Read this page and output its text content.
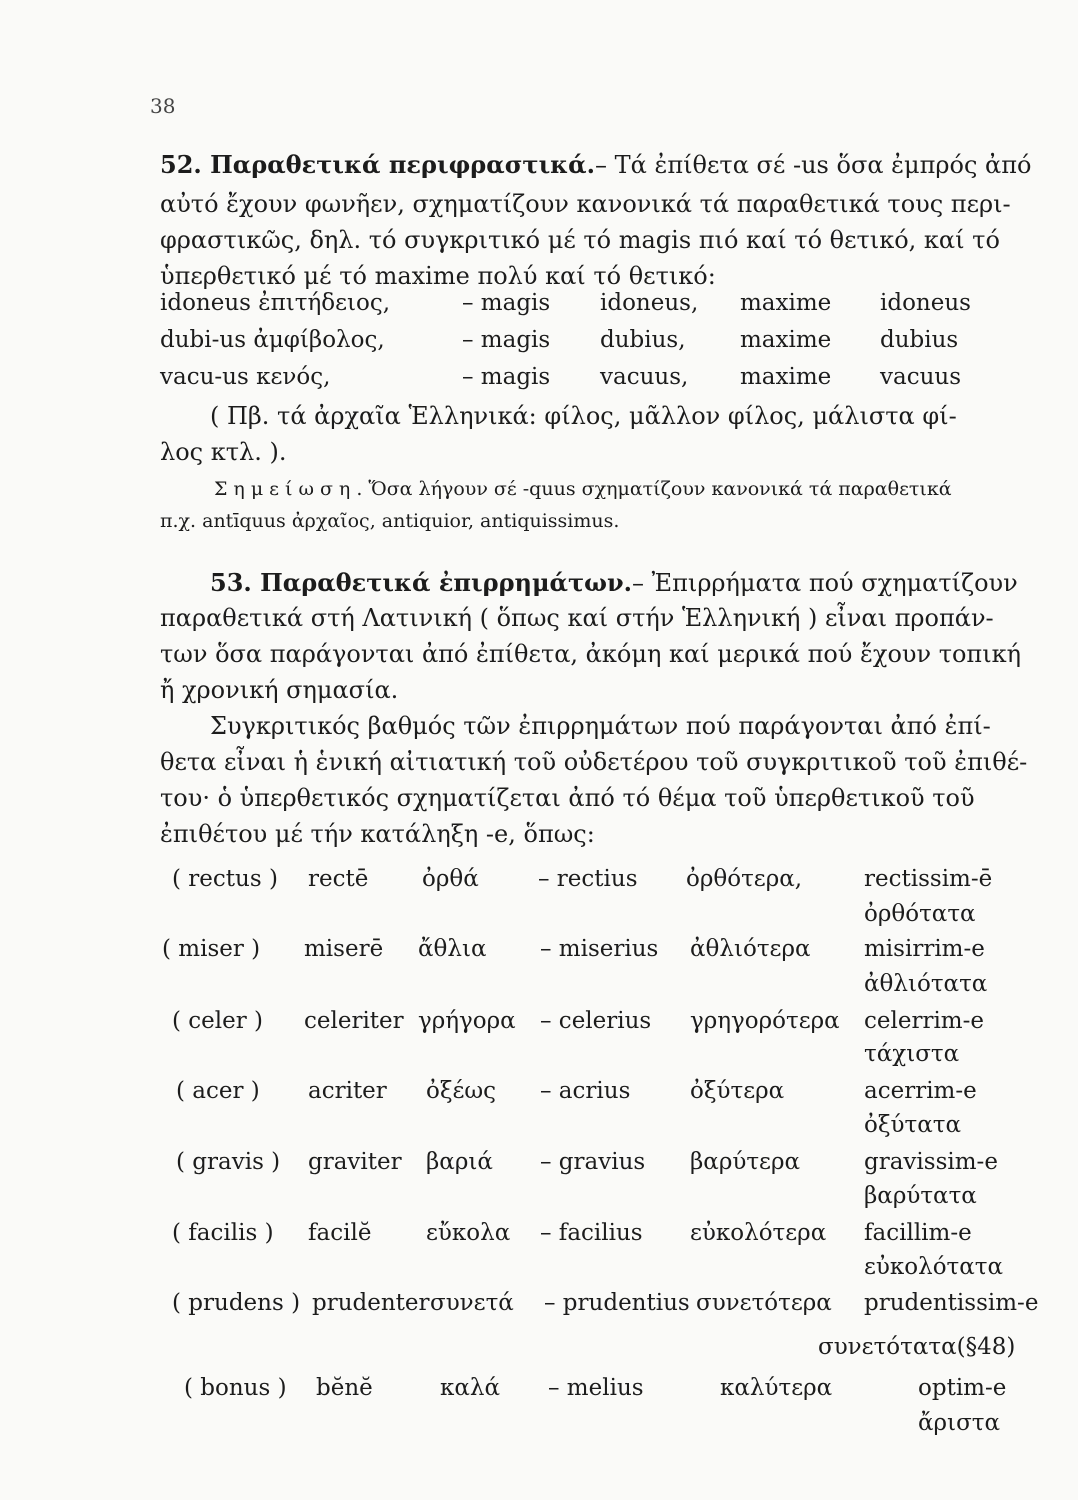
38
52. Παραθετικά περιφραστικά.– Τά ἐπίθετα σέ -us ὅσα ἐμπρός ἀπό
αὐτό ἔχουν φωνῆεν, σχηματίζουν κανονικά τά παραθετικά τους περι-
φραστικῶς, δηλ. τό συγκριτικό μέ τό magis πιό καί τό θετικό, καί τό
ὑπερθετικό μέ τό maxime πολύ καί τό θετικό:
idoneus ἐπιτήδειος,	– magis idoneus, maxime idoneus
dubi-us ἀμφίβολος,	– magis dubius, maxime dubius
vacu-us κενός,	– magis vacuus, maxime vacuus
( Πβ. τά ἀρχαῖα Ἑλληνικά: φίλος, μᾶλλον φίλος, μάλιστα φί-
λος κτλ. ).
Σημείωση. Ὅσα λήγουν σέ -quus σχηματίζουν κανονικά τά παραθετικά
π.χ. antīquus ἀρχαῖος, antiquior, antiquissimus.
53. Παραθετικά ἐπιρρημάτων.– Ἐπιρρήματα πού σχηματίζουν
παραθετικά στή Λατινική ( ὅπως καί στήν Ἑλληνική ) εἶναι προπάν-
των ὅσα παράγονται ἀπό ἐπίθετα, ἀκόμη καί μερικά πού ἔχουν τοπική
ἤ χρονική σημασία.
Συγκριτικός βαθμός τῶν ἐπιρρημάτων πού παράγονται ἀπό ἐπί-
θετα εἶναι ἡ ἑνική αἰτιατική τοῦ οὐδετέρου τοῦ συγκριτικοῦ τοῦ ἐπιθέ-
του· ὁ ὑπερθετικός σχηματίζεται ἀπό τό θέμα τοῦ ὑπερθετικοῦ τοῦ
ἐπιθέτου μέ τήν κατάληξη -e, ὅπως:
( rectus ) rectē ὀρθά	– rectius ὀρθότερα,	rectissim-ē
ὀρθότατα
( miser ) miserē ἄθλια – miserius ἀθλιότερα misirrim-e
ἀθλιότατα
( celer ) celeriter γρήγορα – celerius γρηγορότερα celerrim-e
τάχιστα
( acer ) acriter ὀξέως – acrius	ὀξύτερα	acerrim-e
ὀξύτατα
( gravis ) graviter βαριά – gravius βαρύτερα	gravissim-e
βαρύτατα
( facilis ) facilĕ εὔκολα – facilius εὐκολότερα facillim-e
εὐκολότατα
( prudens ) prudenter συνετά – prudentius συνετότερα prudentissim-e
συνετότατα(§48)
( bonus ) bĕnĕ	καλά – melius	καλύτερα	optim-e
ἄριστα
